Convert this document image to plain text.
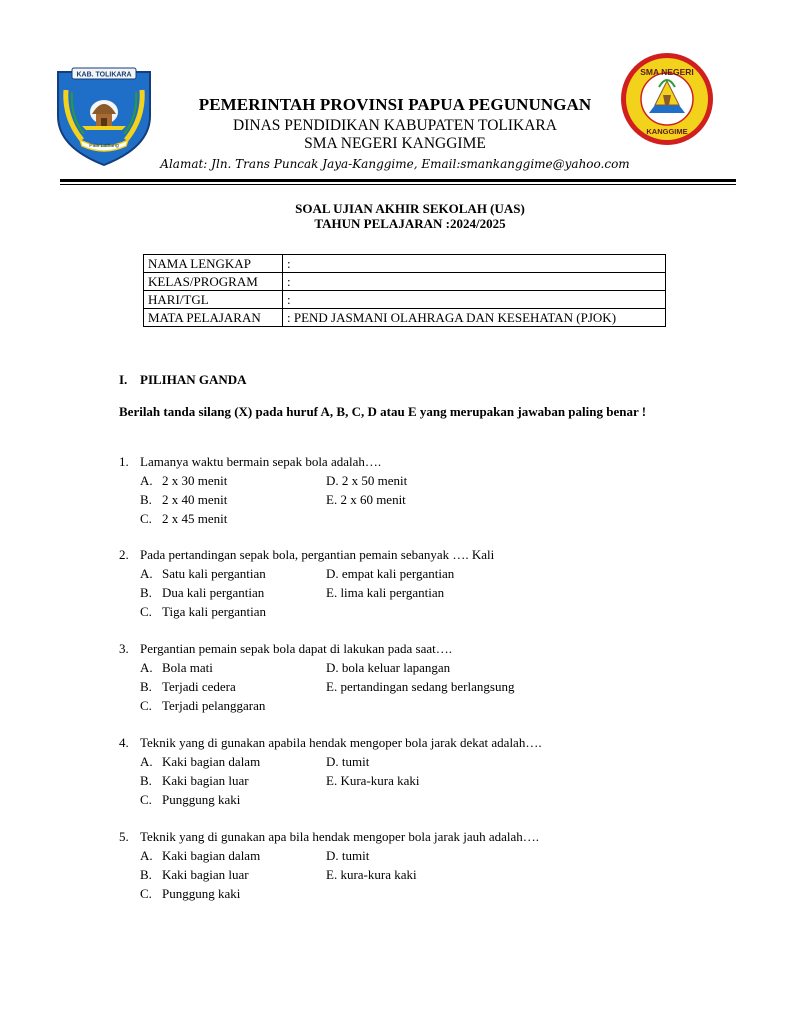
KAB. TOLIKARA
Pabi Lathang
SMA NEGERI
KANGGIME
PEMERINTAH PROVINSI PAPUA PEGUNUNGAN
DINAS PENDIDIKAN KABUPATEN TOLIKARA
SMA NEGERI KANGGIME
Alamat: Jln. Trans Puncak Jaya-Kanggime, Email:smankanggime@yahoo.com
SOAL UJIAN AKHIR SEKOLAH (UAS)
TAHUN PELAJARAN :2024/2025
NAMA LENGKAP	:
KELAS/PROGRAM	:
HARI/TGL	:
MATA PELAJARAN	: PEND JASMANI OLAHRAGA DAN KESEHATAN (PJOK)
I. PILIHAN GANDA
Berilah tanda silang (X) pada huruf A, B, C, D atau E yang merupakan jawaban paling benar !
1. Lamanya waktu bermain sepak bola adalah….
A. 2 x 30 menit	D. 2 x 50 menit
B. 2 x 40 menit	E. 2 x 60 menit
C. 2 x 45 menit
2. Pada pertandingan sepak bola, pergantian pemain sebanyak …. Kali
A. Satu kali pergantian	D. empat kali pergantian
B. Dua kali pergantian	E. lima kali pergantian
C. Tiga kali pergantian
3. Pergantian pemain sepak bola dapat di lakukan pada saat….
A. Bola mati	D. bola keluar lapangan
B. Terjadi cedera	E. pertandingan sedang berlangsung
C. Terjadi pelanggaran
4. Teknik yang di gunakan apabila hendak mengoper bola jarak dekat adalah….
A. Kaki bagian dalam	D. tumit
B. Kaki bagian luar	E. Kura-kura kaki
C. Punggung kaki
5. Teknik yang di gunakan apa bila hendak mengoper bola jarak jauh adalah….
A. Kaki bagian dalam	D. tumit
B. Kaki bagian luar	E. kura-kura kaki
C. Punggung kaki
